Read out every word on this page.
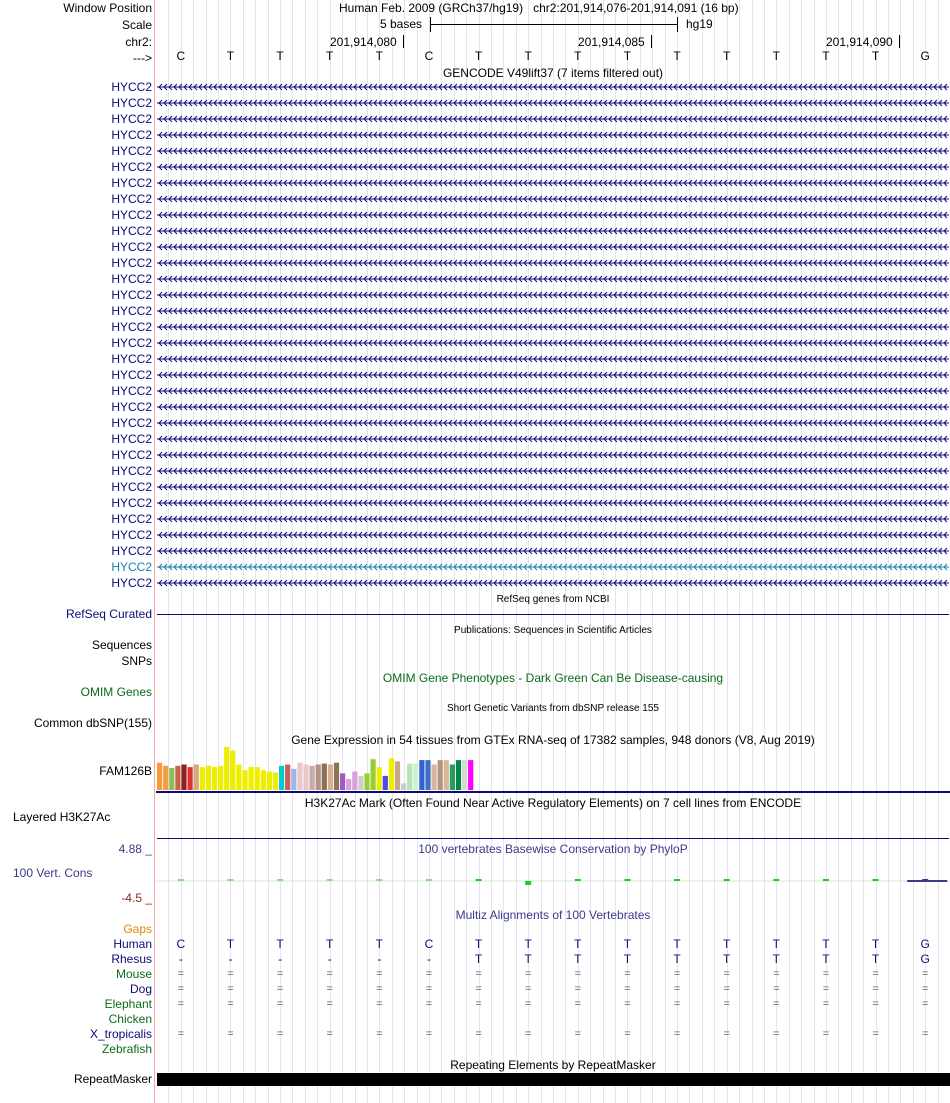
Window Position
Scale
chr2:
--->
Human Feb. 2009 (GRCh37/hg19)   chr2:201,914,076-201,914,091 (16 bp)
5 bases	hg19
201,914,080	201,914,085	201,914,090
C	T	T	T	T	C	T	T	T	T	T	T	T	T	T	G
GENCODE V49lift37 (7 items filtered out)
HYCC2
HYCC2
HYCC2
HYCC2
HYCC2
HYCC2
HYCC2
HYCC2
HYCC2
HYCC2
HYCC2
HYCC2
HYCC2
HYCC2
HYCC2
HYCC2
HYCC2
HYCC2
HYCC2
HYCC2
HYCC2
HYCC2
HYCC2
HYCC2
HYCC2
HYCC2
HYCC2
HYCC2
HYCC2
HYCC2
HYCC2
HYCC2
RefSeq genes from NCBI
RefSeq Curated
Publications: Sequences in Scientific Articles
Sequences
SNPs
OMIM Gene Phenotypes - Dark Green Can Be Disease-causing
OMIM Genes
Short Genetic Variants from dbSNP release 155
Common dbSNP(155)
Gene Expression in 54 tissues from GTEx RNA-seq of 17382 samples, 948 donors (V8, Aug 2019)
FAM126B
H3K27Ac Mark (Often Found Near Active Regulatory Elements) on 7 cell lines from ENCODE
Layered H3K27Ac
100 vertebrates Basewise Conservation by PhyloP
4.88 _
100 Vert. Cons
-4.5 _
Multiz Alignments of 100 Vertebrates
Gaps
Human	C	T	T	T	T	C	T	T	T	T	T	T	T	T	T	G
Rhesus	-	-	-	-	-	-	T	T	T	T	T	T	T	T	T	G
Mouse	=	=	=	=	=	=	=	=	=	=	=	=	=	=	=	=
Dog	=	=	=	=	=	=	=	=	=	=	=	=	=	=	=	=
Elephant	=	=	=	=	=	=	=	=	=	=	=	=	=	=	=	=
Chicken
X_tropicalis	=	=	=	=	=	=	=	=	=	=	=	=	=	=	=	=
Zebrafish
Repeating Elements by RepeatMasker
RepeatMasker
